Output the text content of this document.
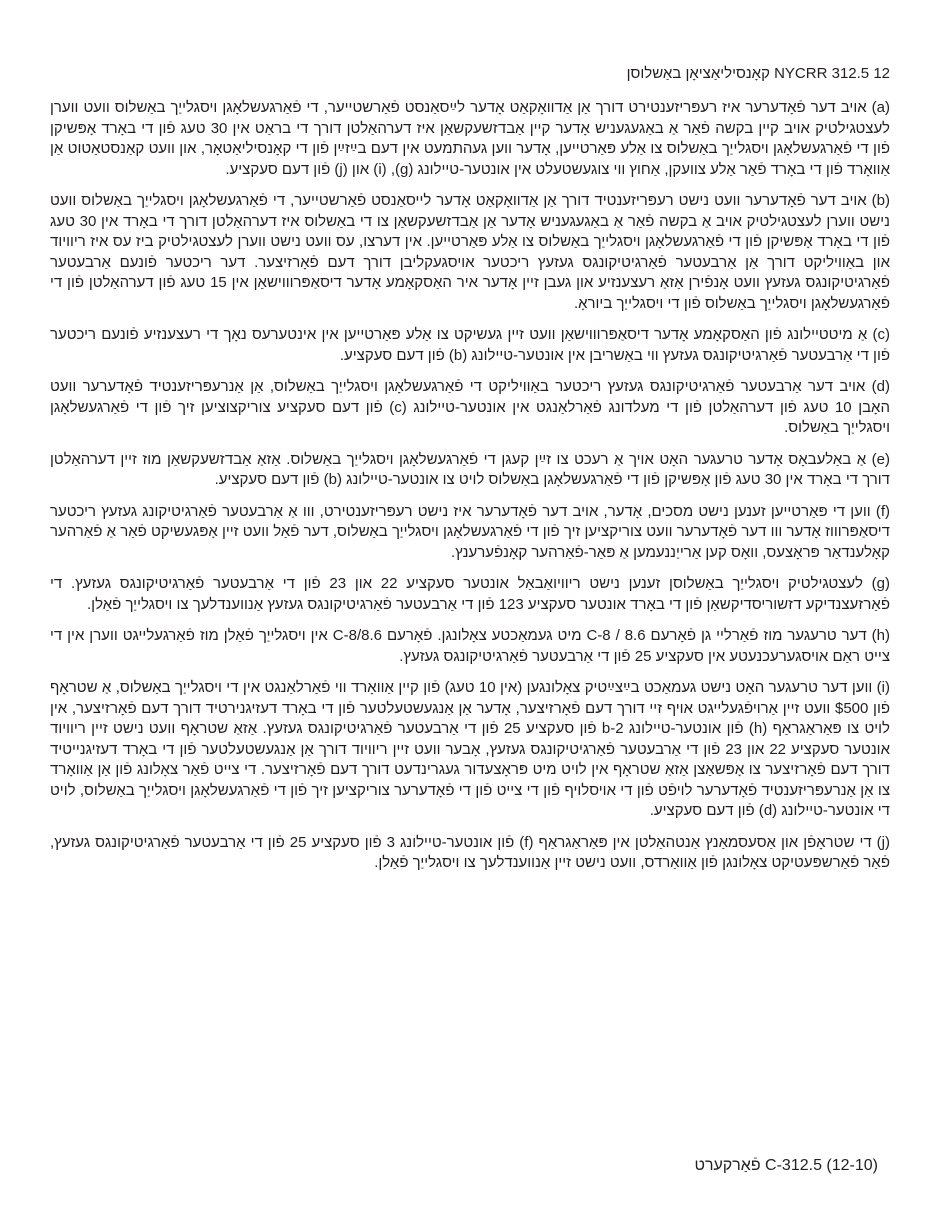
12 NYCRR 312.5 קאָנסיליאַציאָן באַשלוסן

(a) אויב דער פֿאָדערער איז רעפּריזענטירט דורך אַן אַדוואָקאַט אָדער לײַסאַנסט פֿאַרשטייער, די פֿאַרגעשלאָגן ויסגלייַך באַשלוס וועט ווערן לעצטגילטיק אויב קיין בקשה פֿאַר אַ באַגעגעניש אָדער קיין אַבדזשעקשאַן איז דערהאַלטן דורך די בראַט אין 30 טעג פֿון די באָרד אָפּשיקן פֿון די פֿאַרגעשלאָגן ויסגלייַך באַשלוס צו אַלע פּאַרטייען, אָדער ווען געהתמעט אין דעם בײַזײַן פֿון די קאָנסיליאַטאָר, און וועט קאַנסטאַטוט אַן אַוואָרד פֿון די באָרד פֿאַר אַלע צוועקן, אַחוץ ווי צוגעשטעלט אין אונטער-טיילונג (g), (i) און (j) פֿון דעם סעקציע.

(b) אויב דער פֿאָדערער וועט נישט רעפּריזענטיד דורך אַן אַדוואָקאַט אָדער לייסאַנסט פֿאַרשטייער, די פֿאַרגעשלאָגן ויסגלייַך באַשלוס וועט נישט ווערן לעצטגילטיק אויב אַ בקשה פֿאַר אַ באַגעגעניש אָדער אַן אַבדזשעקשאַן צו די באַשלוס איז דערהאַלטן דורך די באָרד אין 30 טעג פֿון די באָרד אָפּשיקן פֿון די פֿאַרגעשלאָגן ויסגלייַך באַשלוס צו אַלע פּאַרטייען. אין דערצו, עס וועט נישט ווערן לעצטגילטיק ביז עס איז ריוויוד און באַוויליקט דורך אַן אַרבעטער פֿאַרגיטיקונגס געזעץ ריכטער אויסגעקליבן דורך דעם פֿאָרזיצער. דער ריכטער פֿונעם אַרבעטער פֿאַרגיטיקונגס געזעץ וועט אָנפֿירן אַזאַ רעצענזיע און געבן זיין אָדער איר האַסקאָמע אָדער דיסאַפּרוווישאַן אין 15 טעג פֿון דערהאַלטן פֿון די פֿאַרגעשלאָגן ויסגלייַך באַשלוס פֿון די ויסגלייַך ביוראָ.

(c) אַ מיטטיילונג פֿון האַסקאָמע אָדער דיסאַפּרוווישאַן וועט זיין געשיקט צו אַלע פּאַרטייען אין אינטערעס נאָך די רעצענזיע פֿונעם ריכטער פֿון די אַרבעטער פֿאַרגיטיקונגס געזעץ ווי באַשריבן אין אונטער-טיילונג (b) פֿון דעם סעקציע.

(d) אויב דער אַרבעטער פֿאַרגיטיקונגס געזעץ ריכטער באַוויליקט די פֿאַרגעשלאָגן ויסגלייַך באַשלוס, אַן אַנרעפּריזענטיד פֿאָדערער וועט האָבן 10 טעג פֿון דערהאַלטן פֿון די מעלדונג פֿאַרלאַנגט אין אונטער-טיילונג (c) פֿון דעם סעקציע צוריקצוציען זיך פֿון די פֿאַרגעשלאָגן ויסגלייַך באַשלוס.

(e) אַ באַלעבאָס אָדער טרעגער האָט אויך אַ רעכט צו זײַן קעגן די פֿאַרגעשלאָגן ויסגלייַך באַשלוס. אַזאַ אַבדזשעקשאַן מוז זיין דערהאַלטן דורך די באָרד אין 30 טעג פֿון אָפּשיקן פֿון די פֿאַרגעשלאָגן באַשלוס לויט צו אונטער-טיילונג (b) פֿון דעם סעקציע.

(f) ווען די פּאַרטייען זענען נישט מסכים, אָדער, אויב דער פֿאָדערער איז נישט רעפּריזענטירט, ווו אַ אַרבעטער פֿאַרגיטיקונג געזעץ ריכטער דיסאַפּרוווז אָדער ווו דער פֿאָדערער וועט צוריקציען זיך פֿון די פֿאַרגעשלאָגן ויסגלייַך באַשלוס, דער פֿאַל וועט זיין אָפּגעשיקט פֿאַר אַ פֿאַרהער קאָלענדאַר פּראָצעס, וואָס קען אַרייַננעמען אַ פּאַר-פֿאַרהער קאָנפֿערענץ.

(g) לעצטגילטיק ויסגלייַך באַשלוסן זענען נישט ריוויואַבאַל אונטער סעקציע 22 און 23 פֿון די אַרבעטער פֿאַרגיטיקונגס געזעץ. די פֿאַרזעצנדיקע דזשוריסדיקשאַן פֿון די באָרד אונטער סעקציע 123 פֿון די אַרבעטער פֿאַרגיטיקונגס געזעץ אַנווענדלעך צו ויסגלייַך פֿאַלן.

(h) דער טרעגער מוז פֿאַרליי גן פֿאָרעם C-8 / 8.6 מיט געמאַכטע צאָלונגן. פֿאָרעם C-8/8.6 אין ויסגלייַך פֿאַלן מוז פֿאַרגעלייגט ווערן אין די צייט ראַם אויסגערעכנעטע אין סעקציע 25 פֿון די אַרבעטער פֿאַרגיטיקונגס געזעץ.

(i) ווען דער טרעגער האָט נישט געמאַכט בײַצײַטיק צאָלונגען (אין 10 טעג) פֿון קיין אַוואָרד ווי פֿאַרלאַנגט אין די ויסגלייַך באַשלוס, אַ שטראָף פֿון $500 וועט זיין אַרויפֿגעלייגט אויף זיי דורך דעם פֿאָרזיצער, אָדער אַן אַנגעשטעלטער פֿון די באָרד דעזיגנירטיד דורך דעם פֿאָרזיצער, אין לויט צו פּאַראַגראַף (h) פֿון אונטער-טיילונג 2-b פֿון סעקציע 25 פֿון די אַרבעטער פֿאַרגיטיקונגס געזעץ. אַזאַ שטראָף וועט נישט זיין ריוויוד אונטער סעקציע 22 און 23 פֿון די אַרבעטער פֿאַרגיטיקונגס געזעץ, אָבער וועט זיין ריוויוד דורך אַן אַנגעשטעלטער פֿון די באָרד דעזיגנייטיד דורך דעם פֿאָרזיצער צו אָפּשאַצן אַזאַ שטראָף אין לויט מיט פּראָצעדור געגרינדעט דורך דעם פֿאָרזיצער. די צייט פֿאַר צאָלונג פֿון אַן אַוואָרד צו אַן אַנרעפּריזענטיד פֿאָדערער לויפֿט פֿון די אויסלויף פֿון די צייט פֿון די פֿאָדערער צוריקציען זיך פֿון די פֿאַרגעשלאָגן ויסגלייַך באַשלוס, לויט די אונטער-טיילונג (d) פֿון דעם סעקציע.

(j) די שטראָפֿן און אַסעסמאַנץ אַנטהאַלטן אין פּאַראַגראַף (f) פֿון אונטער-טיילונג 3 פֿון סעקציע 25 פֿון די אַרבעטער פֿאַרגיטיקונגס געזעץ, פֿאַר פֿאַרשפּעטיקט צאָלונגן פֿון אַוואַרדס, וועט נישט זיין אַנווענדלעך צו ויסגלייַך פֿאַלן.

C-312.5 (12-10) פֿאַרקערט
